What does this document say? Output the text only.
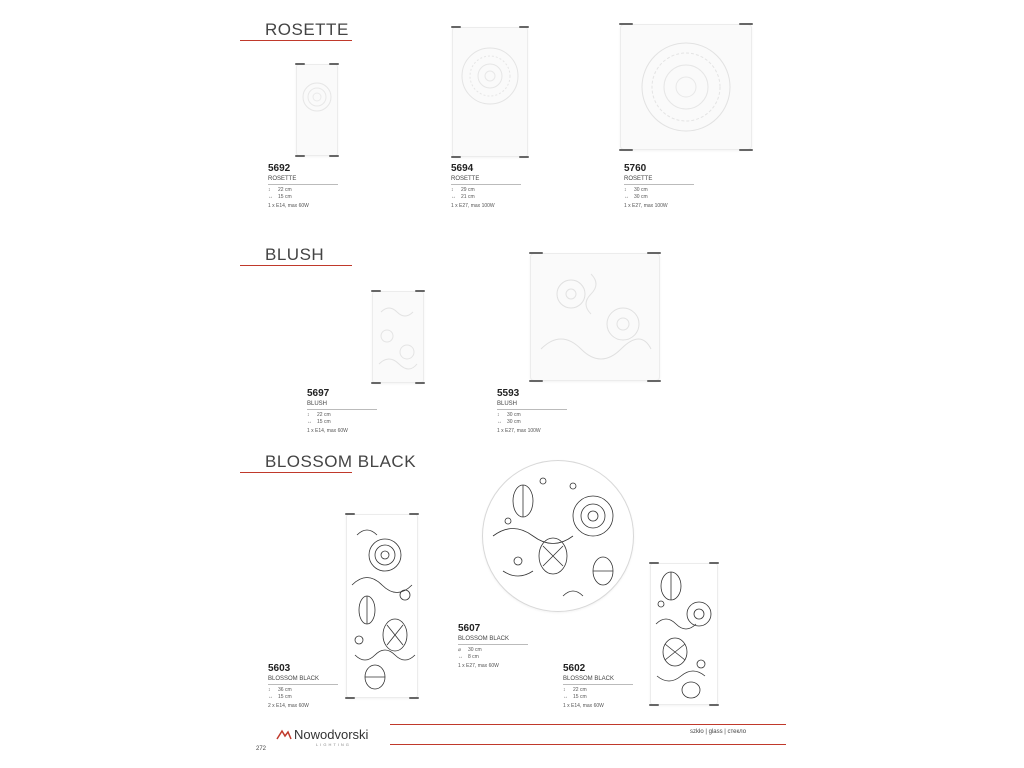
ROSETTE
5692
ROSETTE
↕ 22 cm
↔ 15 cm
1 x E14, max 60W
5694
ROSETTE
↕ 29 cm
↔ 21 cm
1 x E27, max 100W
5760
ROSETTE
↕ 30 cm
↔ 30 cm
1 x E27, max 100W
BLUSH
5697
BLUSH
↕ 22 cm
↔ 15 cm
1 x E14, max 60W
5593
BLUSH
↕ 30 cm
↔ 30 cm
1 x E27, max 100W
BLOSSOM BLACK
5607
BLOSSOM BLACK
⌀ 30 cm
↔ 8 cm
1 x E27, max 60W
5603
BLOSSOM BLACK
↕ 36 cm
↔ 15 cm
2 x E14, max 60W
5602
BLOSSOM BLACK
↕ 22 cm
↔ 15 cm
1 x E14, max 60W
Nowodvorski
LIGHTING
szkło | glass | стекло
272
